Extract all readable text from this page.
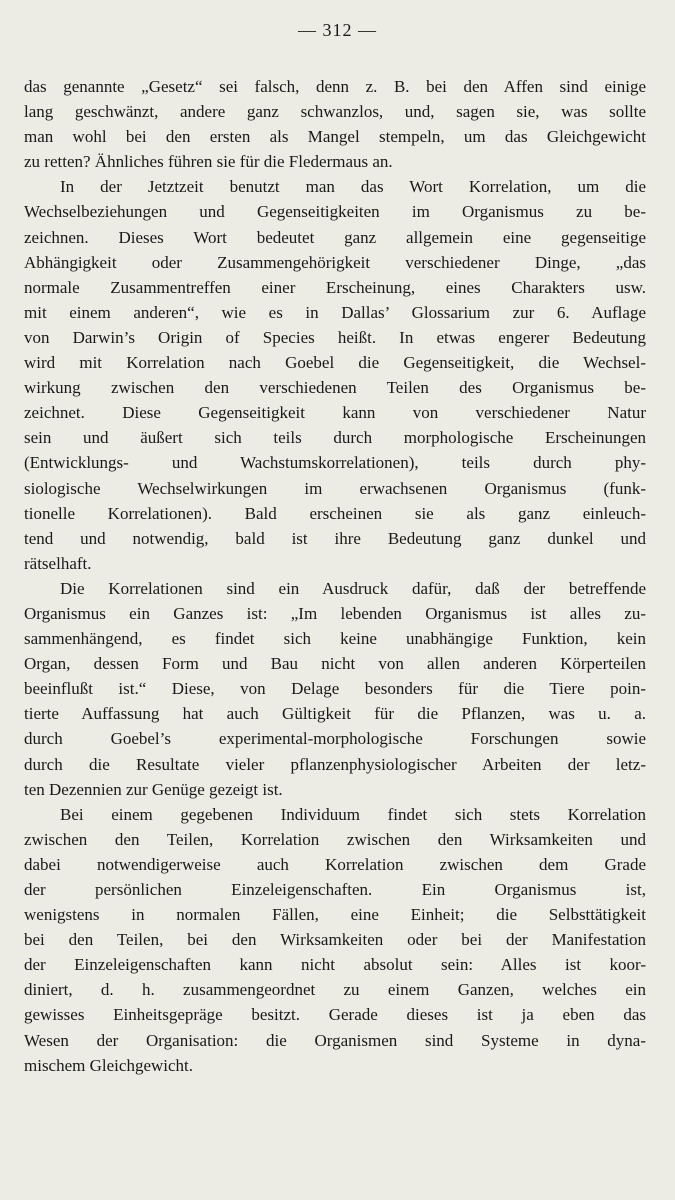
— 312 —

das genannte „Gesetz“ sei falsch, denn z. B. bei den Affen sind einige
lang geschwänzt, andere ganz schwanzlos, und, sagen sie, was sollte
man wohl bei den ersten als Mangel stempeln, um das Gleichgewicht
zu retten? Ähnliches führen sie für die Fledermaus an.

In der Jetztzeit benutzt man das Wort Korrelation, um die
Wechselbeziehungen und Gegenseitigkeiten im Organismus zu be-
zeichnen. Dieses Wort bedeutet ganz allgemein eine gegenseitige
Abhängigkeit oder Zusammengehörigkeit verschiedener Dinge, „das
normale Zusammentreffen einer Erscheinung, eines Charakters usw.
mit einem anderen“, wie es in Dallas’ Glossarium zur 6. Auflage
von Darwin’s Origin of Species heißt. In etwas engerer Bedeutung
wird mit Korrelation nach Goebel die Gegenseitigkeit, die Wechsel-
wirkung zwischen den verschiedenen Teilen des Organismus be-
zeichnet. Diese Gegenseitigkeit kann von verschiedener Natur
sein und äußert sich teils durch morphologische Erscheinungen
(Entwicklungs- und Wachstumskorrelationen), teils durch phy-
siologische Wechselwirkungen im erwachsenen Organismus (funk-
tionelle Korrelationen). Bald erscheinen sie als ganz einleuch-
tend und notwendig, bald ist ihre Bedeutung ganz dunkel und
rätselhaft.

Die Korrelationen sind ein Ausdruck dafür, daß der betreffende
Organismus ein Ganzes ist: „Im lebenden Organismus ist alles zu-
sammenhängend, es findet sich keine unabhängige Funktion, kein
Organ, dessen Form und Bau nicht von allen anderen Körperteilen
beeinflußt ist.“ Diese, von Delage besonders für die Tiere poin-
tierte Auffassung hat auch Gültigkeit für die Pflanzen, was u. a.
durch Goebel’s experimental-morphologische Forschungen sowie
durch die Resultate vieler pflanzenphysiologischer Arbeiten der letz-
ten Dezennien zur Genüge gezeigt ist.

Bei einem gegebenen Individuum findet sich stets Korrelation
zwischen den Teilen, Korrelation zwischen den Wirksamkeiten und
dabei notwendigerweise auch Korrelation zwischen dem Grade
der persönlichen Einzeleigenschaften. Ein Organismus ist,
wenigstens in normalen Fällen, eine Einheit; die Selbsttätigkeit
bei den Teilen, bei den Wirksamkeiten oder bei der Manifestation
der Einzeleigenschaften kann nicht absolut sein: Alles ist koor-
diniert, d. h. zusammengeordnet zu einem Ganzen, welches ein
gewisses Einheitsgepräge besitzt. Gerade dieses ist ja eben das
Wesen der Organisation: die Organismen sind Systeme in dyna-
mischem Gleichgewicht.
